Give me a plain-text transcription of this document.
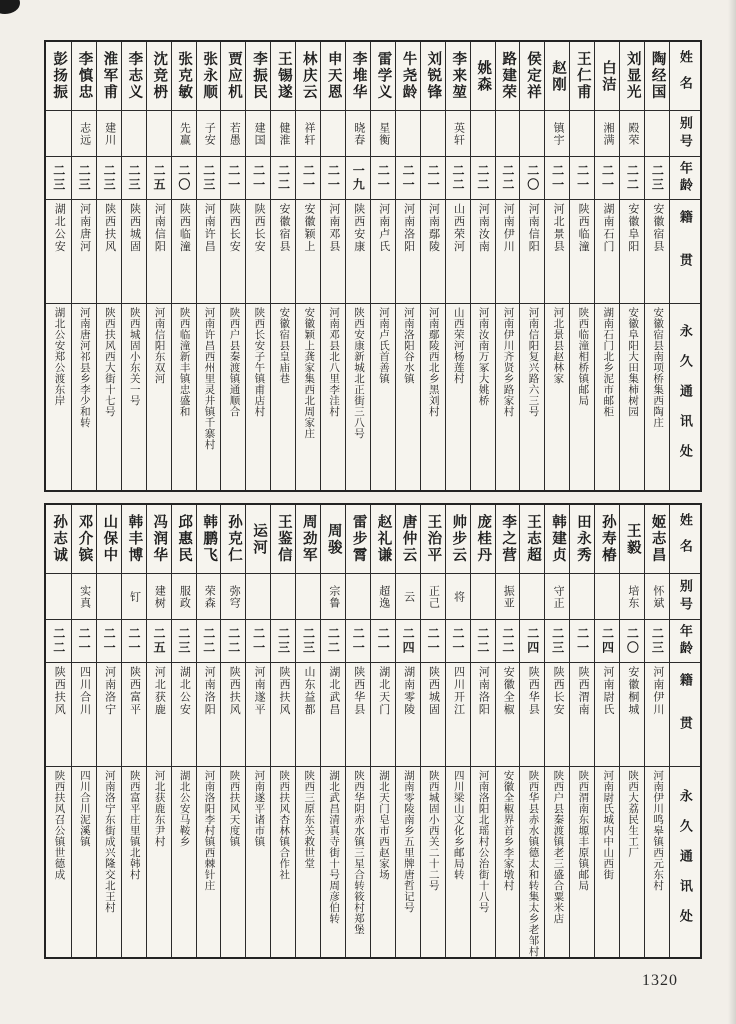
姓名
别号
年龄
籍贯
永久通讯处
陶经国
二三
安徽宿县
安徽宿县南项桥集西陶庄
刘显光
殿荣
二二
安徽阜阳
安徽阜阳大田集柿树园
白洁
湘满
二一
湖南石门
湖南石门北乡泥市邮柜
王仁甫
二一
陕西临潼
陕西临潼相桥镇邮局
赵刚
镇宇
二一
河北景县
河北景县赵林家
侯定祥
二〇
河南信阳
河南信阳复兴路六三号
路建荣
二二
河南伊川
河南伊川齐贤乡路家村
姚森
二二
河南汝南
河南汝南万冢大姚桥
李来堃
英轩
二二
山西荣河
山西荣河杨莲村
刘锐锋
二一
河南鄢陵
河南鄢陵西北乡黑刘村
牛尧龄
二一
河南洛阳
河南洛阳谷水镇
雷学义
星衡
二一
河南卢氏
河南卢氏首善镇
李堆华
晓春
一九
陕西安康
陕西安康新城北正街三八号
申天恩
二一
河南邓县
河南邓县北八里李洼村
林庆云
祥轩
二一
安徽颖上
安徽颖上龚家集西北周家庄
王锡遂
健淮
二二
安徽宿县
安徽宿县皇庙巷
李振民
建国
二一
陕西长安
陕西长安子午镇甫店村
贾应机
若愚
二一
陕西长安
陕西户县秦渡镇通顺合
张永顺
子安
二三
河南许昌
河南许昌西州里灵井镇千寨村
张克敏
先赢
二〇
陕西临潼
陕西临潼新丰镇忠盛和
沈竞枬
二五
河南信阳
河南信阳东双河
李志义
二三
陕西城固
陕西城固小东关一号
淮军甫
建川
二三
陕西扶风
陕西扶风西大街十七号
李慎忠
志远
二三
河南唐河
河南唐河祁县乡李少和转
彭扬振
二三
湖北公安
湖北公安郑公渡东岸
姓名
别号
年龄
籍贯
永久通讯处
姬志昌
怀斌
二三
河南伊川
河南伊川鸣皋镇西元东村
王毅
培东
二〇
安徽桐城
陕西大荔民生工厂
孙寿椿
二四
河南尉氏
河南尉氏城内中山西街
田永秀
二一
陕西渭南
陕西渭南东塬丰原镇邮局
韩建贞
守正
二三
陕西长安
陕西户县秦渡镇老三盛合粟米店
王志超
二四
陕西华县
陕西华县赤水镇德太和转集太乡老邹村
李之营
振亚
二二
安徽全椒
安徽全椒界首乡李家墩村
庞桂丹
二二
河南洛阳
河南洛阳北瑶村公治街十八号
帅步云
将
二一
四川开江
四川梁山文化乡邮局转
王治平
正己
二一
陕西城固
陕西城固小西关二十二号
唐仲云
云
二四
湖南零陵
湖南零陵南乡五里牌唐哲记号
赵礼谦
超逸
二一
湖北天门
湖北天门皂市西赵家场
雷步霄
二一
陕西华县
陕西华阴赤水镇三星合转筱村郑堡
周骏
宗鲁
二二
湖北武昌
湖北武昌清真寺街十号周彦伯转
周劲军
二三
山东益都
陕西三原东关救世堂
王鉴信
二三
陕西扶风
陕西扶风杏林镇合作社
运河
二一
河南遂平
河南遂平诸市镇
孙克仁
弥穹
二二
陕西扶风
陕西扶风天度镇
韩鹏飞
荣森
二二
河南洛阳
河南洛阳李村镇西棘针庄
邱惠民
服政
二三
湖北公安
湖北公安马鞍乡
冯润华
建树
二五
河北获鹿
河北获鹿东尹村
韩丰博
钉
二一
陕西富平
陕西富平庄里镇北韩村
山保中
二一
河南洛宁
河南洛宁东街成兴隆交北王村
邓介镔
实真
二一
四川合川
四川合川泥溪镇
孙志诚
二二
陕西扶风
陕西扶风召公镇世德成
1320
